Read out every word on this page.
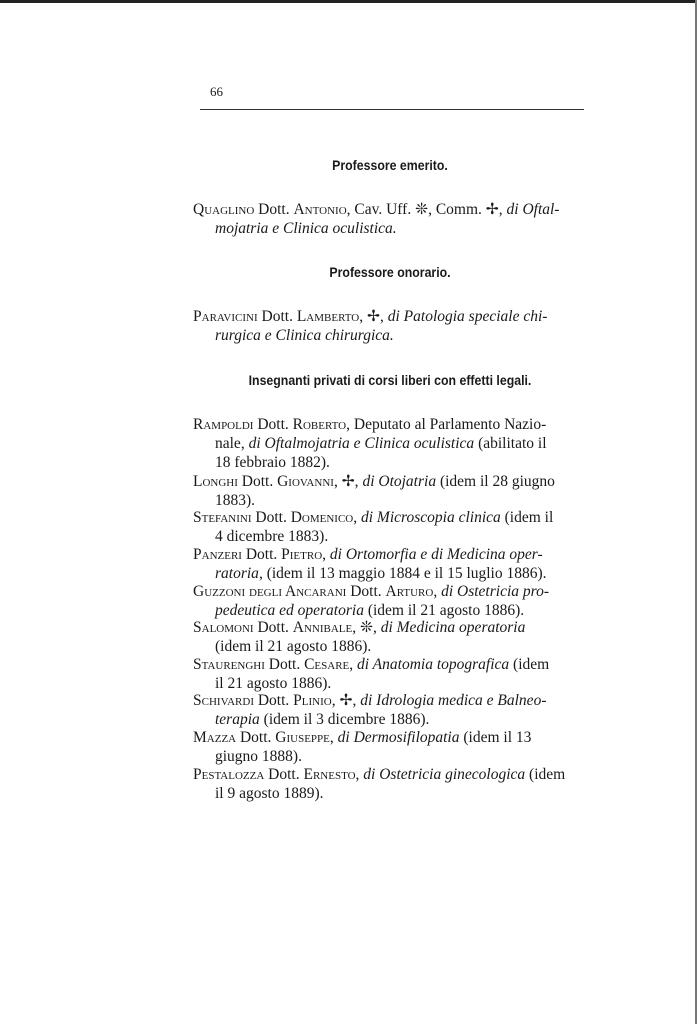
66
Professore emerito.
Quaglino Dott. Antonio, Cav. Uff. ❊, Comm. ✢, di Oftal-
mojatria e Clinica oculistica.
Professore onorario.
Paravicini Dott. Lamberto, ✢, di Patologia speciale chi-
rurgica e Clinica chirurgica.
Insegnanti privati di corsi liberi con effetti legali.
Rampoldi Dott. Roberto, Deputato al Parlamento Nazio-
nale, di Oftalmojatria e Clinica oculistica (abilitato il
18 febbraio 1882).
Longhi Dott. Giovanni, ✢, di Otojatria (idem il 28 giugno
1883).
Stefanini Dott. Domenico, di Microscopia clinica (idem il
4 dicembre 1883).
Panzeri Dott. Pietro, di Ortomorfia e di Medicina oper-
ratoria, (idem il 13 maggio 1884 e il 15 luglio 1886).
Guzzoni degli Ancarani Dott. Arturo, di Ostetricia pro-
pedeutica ed operatoria (idem il 21 agosto 1886).
Salomoni Dott. Annibale, ❊, di Medicina operatoria
(idem il 21 agosto 1886).
Staurenghi Dott. Cesare, di Anatomia topografica (idem
il 21 agosto 1886).
Schivardi Dott. Plinio, ✢, di Idrologia medica e Balneo-
terapia (idem il 3 dicembre 1886).
Mazza Dott. Giuseppe, di Dermosifilopatia (idem il 13
giugno 1888).
Pestalozza Dott. Ernesto, di Ostetricia ginecologica (idem
il 9 agosto 1889).
